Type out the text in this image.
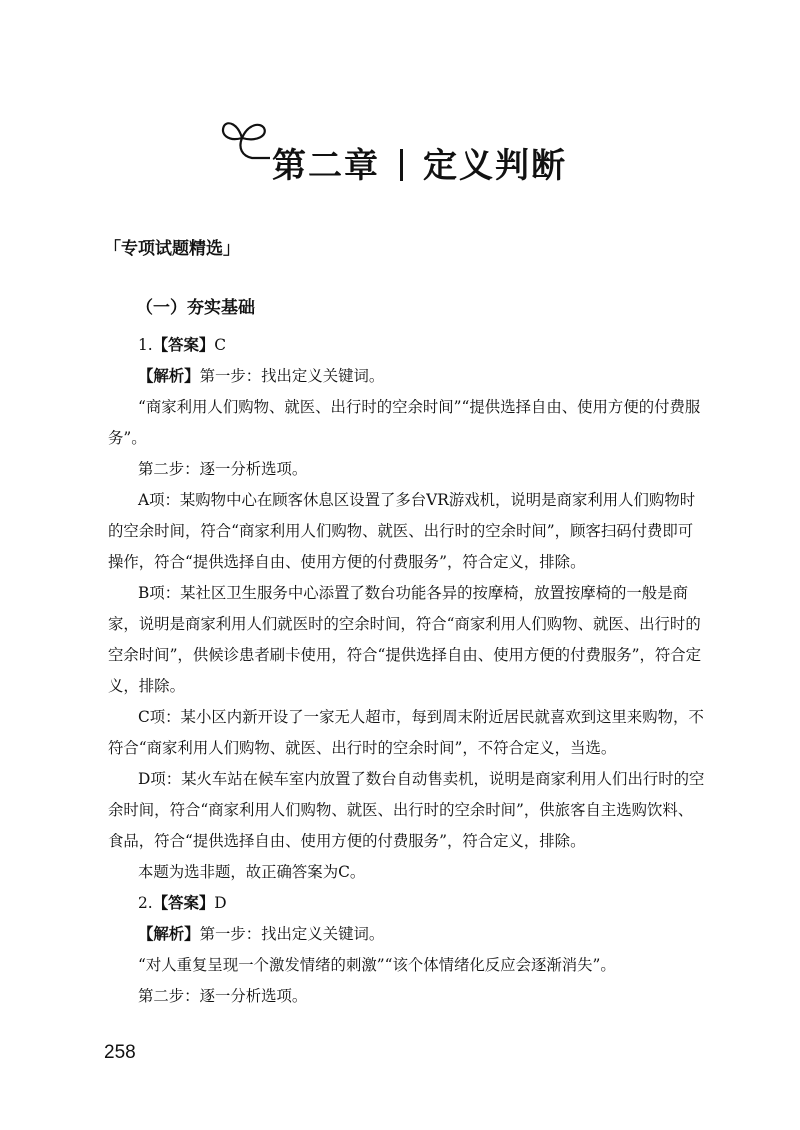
第二章 定义判断
「专项试题精选」
（一）夯实基础

1.【答案】C

【解析】第一步：找出定义关键词。

“商家利用人们购物、就医、出行时的空余时间”“提供选择自由、使用方便的付费服务”。

第二步：逐一分析选项。

A项：某购物中心在顾客休息区设置了多台VR游戏机，说明是商家利用人们购物时的空余时间，符合“商家利用人们购物、就医、出行时的空余时间”，顾客扫码付费即可操作，符合“提供选择自由、使用方便的付费服务”，符合定义，排除。

B项：某社区卫生服务中心添置了数台功能各异的按摩椅，放置按摩椅的一般是商家，说明是商家利用人们就医时的空余时间，符合“商家利用人们购物、就医、出行时的空余时间”，供候诊患者刷卡使用，符合“提供选择自由、使用方便的付费服务”，符合定义，排除。

C项：某小区内新开设了一家无人超市，每到周末附近居民就喜欢到这里来购物，不符合“商家利用人们购物、就医、出行时的空余时间”，不符合定义，当选。

D项：某火车站在候车室内放置了数台自动售卖机，说明是商家利用人们出行时的空余时间，符合“商家利用人们购物、就医、出行时的空余时间”，供旅客自主选购饮料、食品，符合“提供选择自由、使用方便的付费服务”，符合定义，排除。

本题为选非题，故正确答案为C。

2.【答案】D

【解析】第一步：找出定义关键词。

“对人重复呈现一个激发情绪的刺激”“该个体情绪化反应会逐渐消失”。

第二步：逐一分析选项。

258
